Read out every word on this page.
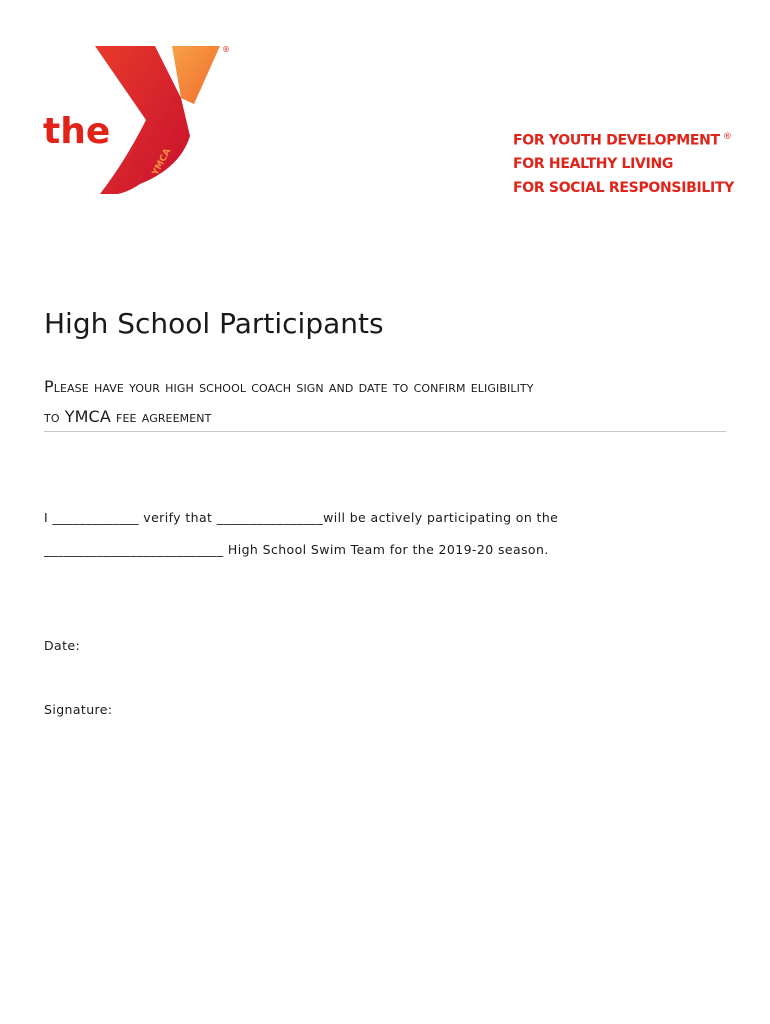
the
YMCA
®
FOR YOUTH DEVELOPMENT ®
FOR HEALTHY LIVING
FOR SOCIAL RESPONSIBILITY
High School Participants
Please have your high school coach sign and date to confirm eligibility
to YMCA fee agreement

I _____________ verify that ________________will be actively participating on the

___________________________ High School Swim Team for the 2019-20 season.

Date:

Signature:
